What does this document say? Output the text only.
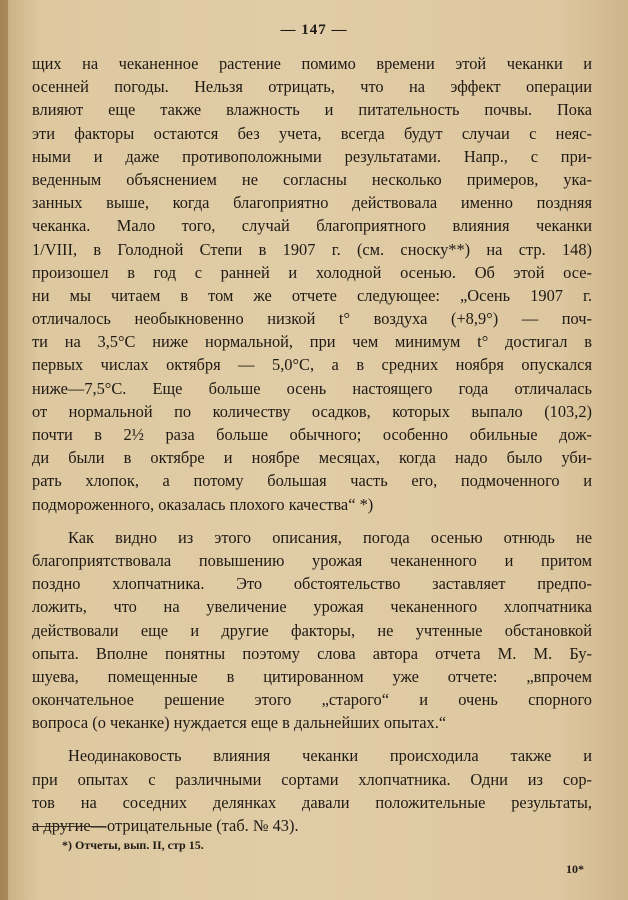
— 147 —
щих на чеканенное растение помимо времени этой чеканки и
осенней погоды. Нельзя отрицать, что на эффект операции
влияют еще также влажность и питательность почвы. Пока
эти факторы остаются без учета, всегда будут случаи с неяс-
ными и даже противоположными результатами. Напр., с при-
веденным объяснением не согласны несколько примеров, ука-
занных выше, когда благоприятно действовала именно поздняя
чеканка. Мало того, случай благоприятного влияния чеканки
1/VIII, в Голодной Степи в 1907 г. (см. сноску**) на стр. 148)
произошел в год с ранней и холодной осенью. Об этой осе-
ни мы читаем в том же отчете следующее: „Осень 1907 г.
отличалось необыкновенно низкой t° воздуха (+8,9°) — поч-
ти на 3,5°C ниже нормальной, при чем минимум t° достигал в
первых числах октября — 5,0°C, а в средних ноября опускался
ниже—7,5°C. Еще больше осень настоящего года отличалась
от нормальной по количеству осадков, которых выпало (103,2)
почти в 2½ раза больше обычного; особенно обильные дож-
ди были в октябре и ноябре месяцах, когда надо было уби-
рать хлопок, а потому большая часть его, подмоченного и
подмороженного, оказалась плохого качества“ *)
Как видно из этого описания, погода осенью отнюдь не
благоприятствовала повышению урожая чеканенного и притом
поздно хлопчатника. Это обстоятельство заставляет предпо-
ложить, что на увеличение урожая чеканенного хлопчатника
действовали еще и другие факторы, не учтенные обстановкой
опыта. Вполне понятны поэтому слова автора отчета М. М. Бу-
шуева, помещенные в цитированном уже отчете: „впрочем
окончательное решение этого „старого“ и очень спорного
вопроса (о чеканке) нуждается еще в дальнейших опытах.“
Неодинаковость влияния чеканки происходила также и
при опытах с различными сортами хлопчатника. Одни из сор-
тов на соседних делянках давали положительные результаты,
а другие—отрицательные (таб. № 43).
*) Отчеты, вып. II, стр 15.
10*
